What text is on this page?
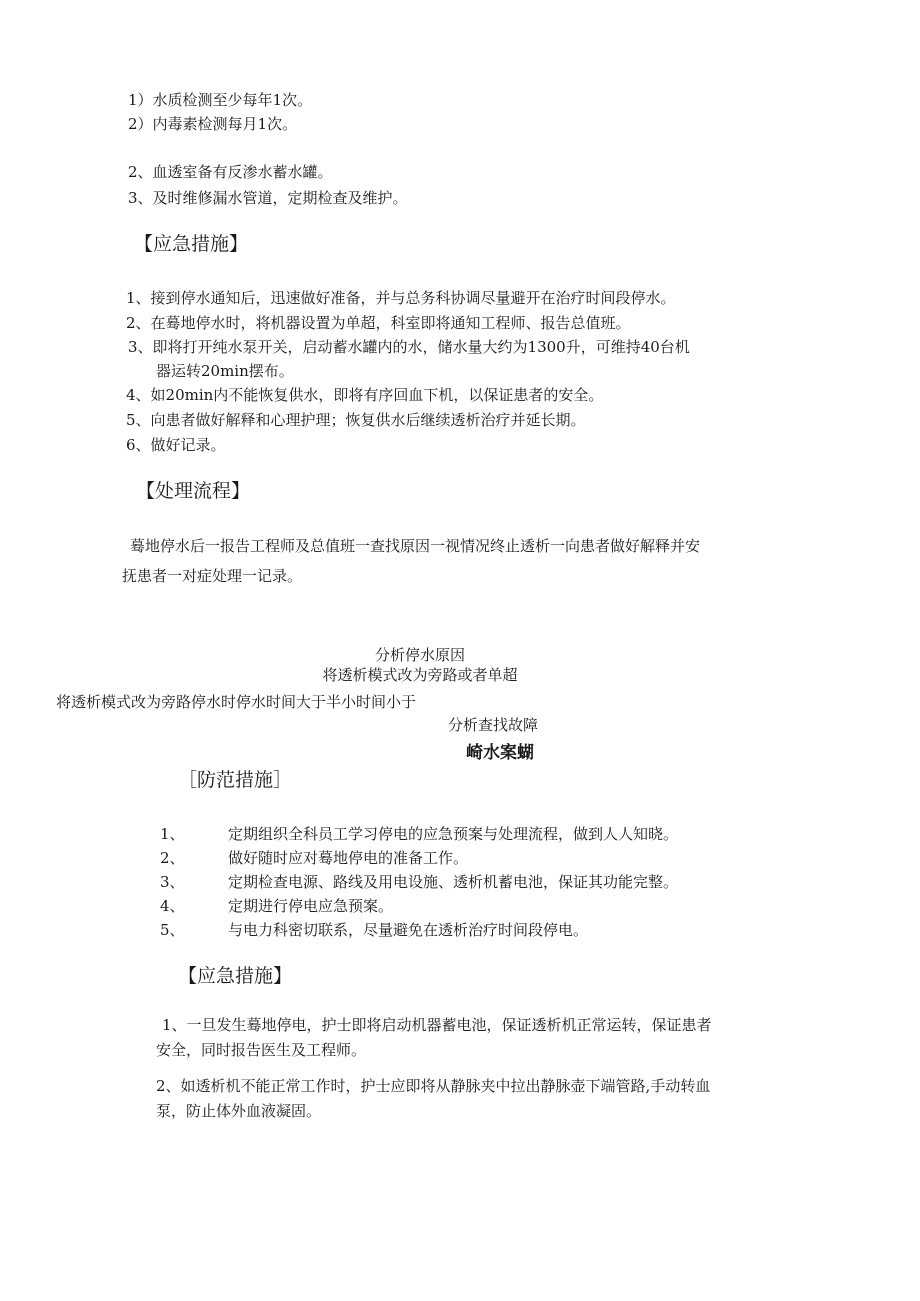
1）水质检测至少每年1次。
2）内毒素检测每月1次。
2、血透室备有反渗水蓄水罐。
3、及时维修漏水管道，定期检查及维护。
【应急措施】
1、接到停水通知后，迅速做好准备，并与总务科协调尽量避开在治疗时间段停水。
2、在蓦地停水时，将机器设置为单超，科室即将通知工程师、报告总值班。
3、即将打开纯水泵开关，启动蓄水罐内的水，储水量大约为1300升，可维持40台机
器运转20min摆布。
4、如20min内不能恢复供水，即将有序回血下机，以保证患者的安全。
5、向患者做好解释和心理护理；恢复供水后继续透析治疗并延长期。
6、做好记录。
【处理流程】
蓦地停水后一报告工程师及总值班一查找原因一视情况终止透析一向患者做好解释并安
抚患者一对症处理一记录。
分析停水原因
将透析模式改为旁路或者单超
将透析模式改为旁路停水时停水时间大于半小时间小于
分析查找故障
崎水案蝴
［防范措施］
1、	定期组织全科员工学习停电的应急预案与处理流程，做到人人知晓。
2、	做好随时应对蓦地停电的准备工作。
3、	定期检查电源、路线及用电设施、透析机蓄电池，保证其功能完整。
4、	定期进行停电应急预案。
5、	与电力科密切联系，尽量避免在透析治疗时间段停电。
【应急措施】
1、一旦发生蓦地停电，护士即将启动机器蓄电池，保证透析机正常运转，保证患者
安全，同时报告医生及工程师。
2、如透析机不能正常工作时，护士应即将从静脉夹中拉出静脉壶下端管路,手动转血
泵，防止体外血液凝固。
